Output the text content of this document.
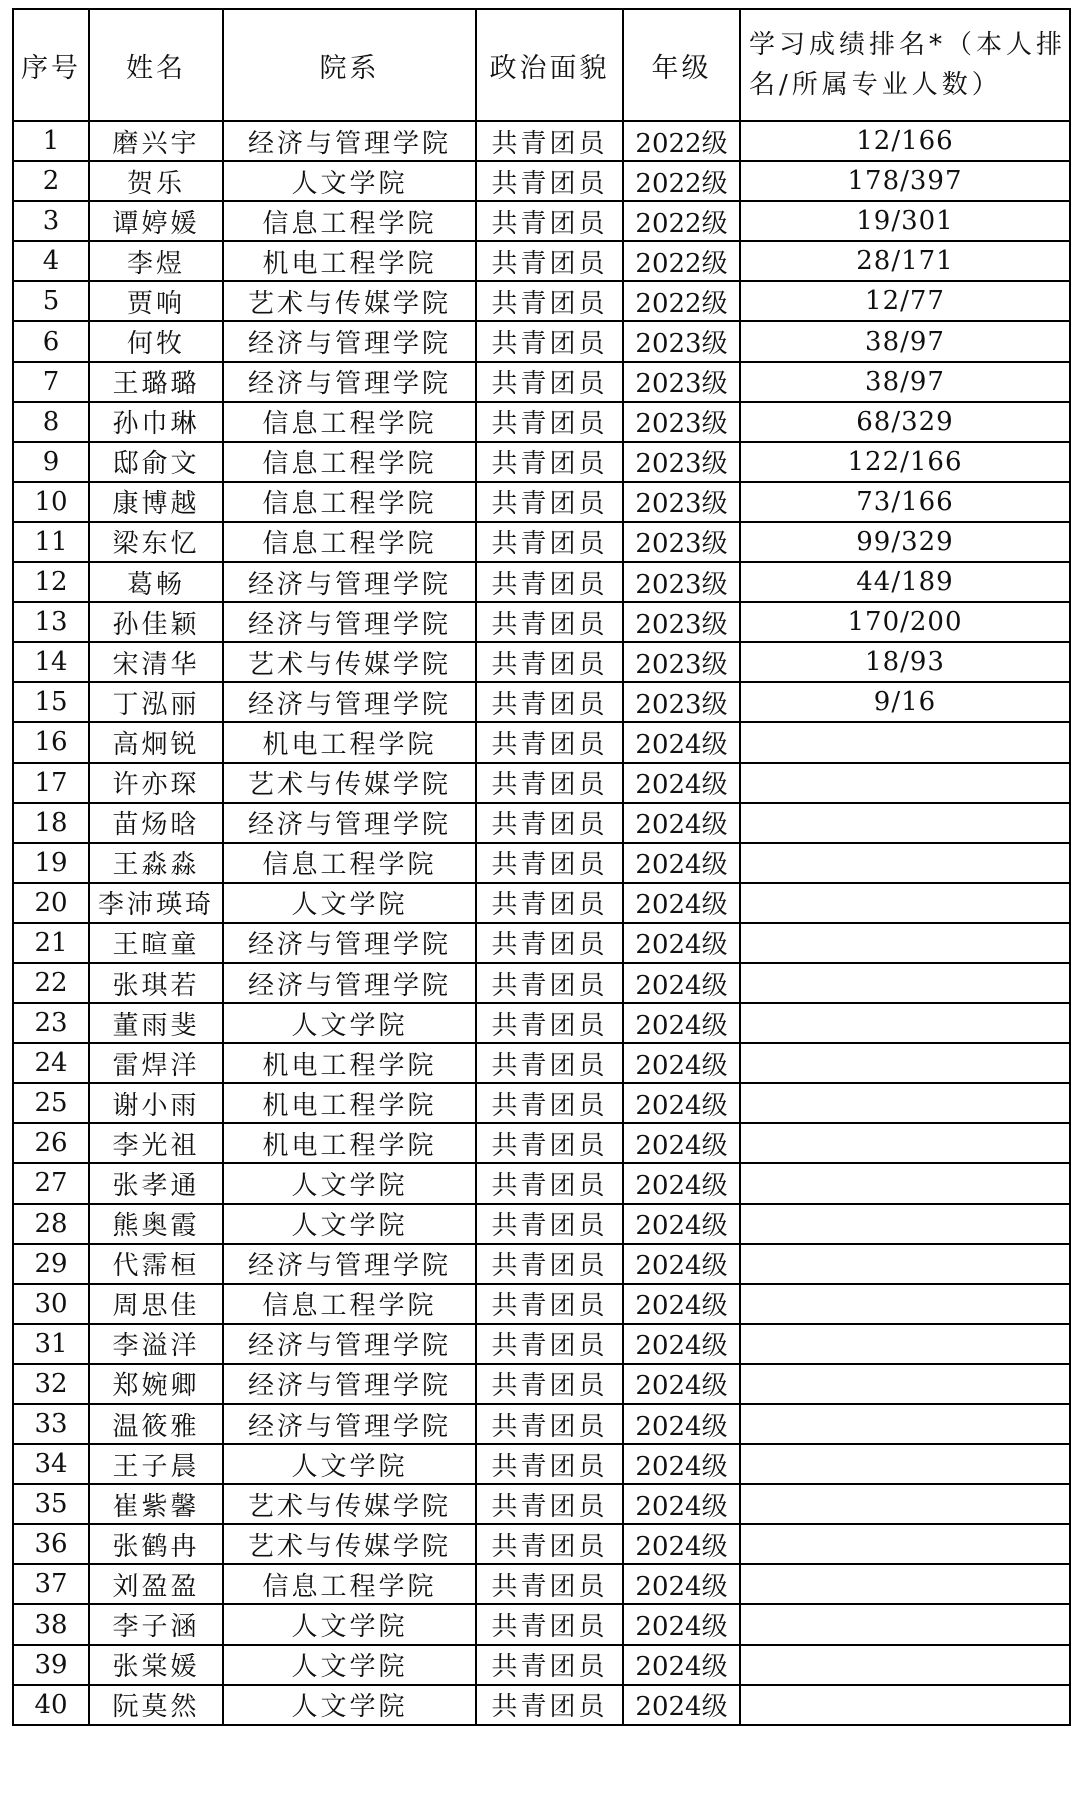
序号	姓名	院系	政治面貌	年级	学习成绩排名*（本人排名/所属专业人数）
1	磨兴宇	经济与管理学院	共青团员	2022级	12/166
2	贺乐	人文学院	共青团员	2022级	178/397
3	谭婷媛	信息工程学院	共青团员	2022级	19/301
4	李煜	机电工程学院	共青团员	2022级	28/171
5	贾响	艺术与传媒学院	共青团员	2022级	12/77
6	何牧	经济与管理学院	共青团员	2023级	38/97
7	王璐璐	经济与管理学院	共青团员	2023级	38/97
8	孙巾琳	信息工程学院	共青团员	2023级	68/329
9	邸俞文	信息工程学院	共青团员	2023级	122/166
10	康博越	信息工程学院	共青团员	2023级	73/166
11	梁东忆	信息工程学院	共青团员	2023级	99/329
12	葛畅	经济与管理学院	共青团员	2023级	44/189
13	孙佳颖	经济与管理学院	共青团员	2023级	170/200
14	宋清华	艺术与传媒学院	共青团员	2023级	18/93
15	丁泓丽	经济与管理学院	共青团员	2023级	9/16
16	高炯锐	机电工程学院	共青团员	2024级	
17	许亦琛	艺术与传媒学院	共青团员	2024级	
18	苗炀晗	经济与管理学院	共青团员	2024级	
19	王淼淼	信息工程学院	共青团员	2024级	
20	李沛瑛琦	人文学院	共青团员	2024级	
21	王暄童	经济与管理学院	共青团员	2024级	
22	张琪若	经济与管理学院	共青团员	2024级	
23	董雨斐	人文学院	共青团员	2024级	
24	雷焊洋	机电工程学院	共青团员	2024级	
25	谢小雨	机电工程学院	共青团员	2024级	
26	李光祖	机电工程学院	共青团员	2024级	
27	张孝通	人文学院	共青团员	2024级	
28	熊奥霞	人文学院	共青团员	2024级	
29	代霈桓	经济与管理学院	共青团员	2024级	
30	周思佳	信息工程学院	共青团员	2024级	
31	李溢洋	经济与管理学院	共青团员	2024级	
32	郑婉卿	经济与管理学院	共青团员	2024级	
33	温筱雅	经济与管理学院	共青团员	2024级	
34	王子晨	人文学院	共青团员	2024级	
35	崔紫馨	艺术与传媒学院	共青团员	2024级	
36	张鹤冉	艺术与传媒学院	共青团员	2024级	
37	刘盈盈	信息工程学院	共青团员	2024级	
38	李子涵	人文学院	共青团员	2024级	
39	张棠媛	人文学院	共青团员	2024级	
40	阮莫然	人文学院	共青团员	2024级	
